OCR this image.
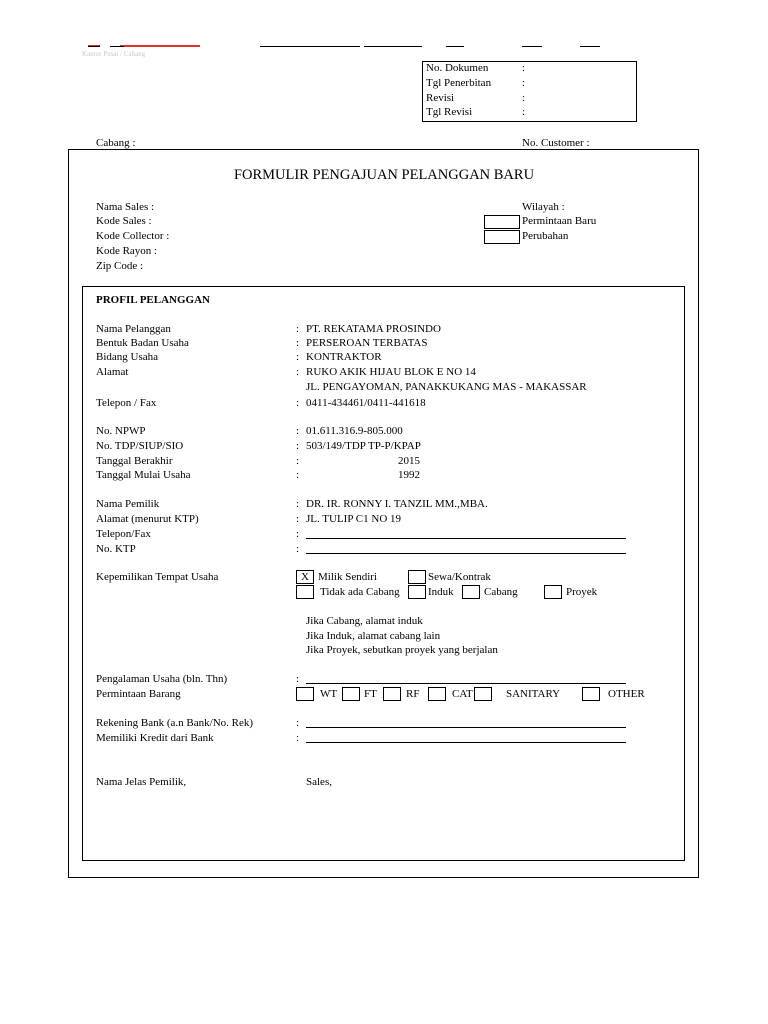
Kantor Pusat / Cabang
No. Dokumen	:
Tgl Penerbitan	:
Revisi	:
Tgl Revisi	:
Cabang :	No. Customer :
FORMULIR PENGAJUAN PELANGGAN BARU
Nama Sales :
Kode Sales :
Kode Collector :
Kode Rayon :
Zip Code :
Wilayah :
Permintaan Baru
Perubahan
PROFIL PELANGGAN
Nama Pelanggan	: PT. REKATAMA PROSINDO
Bentuk Badan Usaha	: PERSEROAN TERBATAS
Bidang Usaha	: KONTRAKTOR
Alamat	: RUKO AKIK HIJAU BLOK E NO 14
JL. PENGAYOMAN, PANAKKUKANG MAS - MAKASSAR
Telepon / Fax	: 0411-434461/0411-441618
No. NPWP	: 01.611.316.9-805.000
No. TDP/SIUP/SIO	: 503/149/TDP TP-P/KPAP
Tanggal Berakhir	:	2015
Tanggal Mulai Usaha	:	1992
Nama Pemilik	: DR. IR. RONNY I. TANZIL MM.,MBA.
Alamat (menurut KTP)	: JL. TULIP C1 NO 19
Telepon/Fax	:
No. KTP	:
Kepemilikan Tempat Usaha	X Milik Sendiri	Sewa/Kontrak
Tidak ada Cabang	Induk	Cabang	Proyek
Jika Cabang, alamat induk
Jika Induk, alamat cabang lain
Jika Proyek, sebutkan proyek yang berjalan
Pengalaman Usaha (bln. Thn)	:
Permintaan Barang	WT FT	RF	CAT	SANITARY	OTHER
Rekening Bank (a.n Bank/No. Rek)	:
Memiliki Kredit dari Bank	:
Nama Jelas Pemilik,	Sales,
